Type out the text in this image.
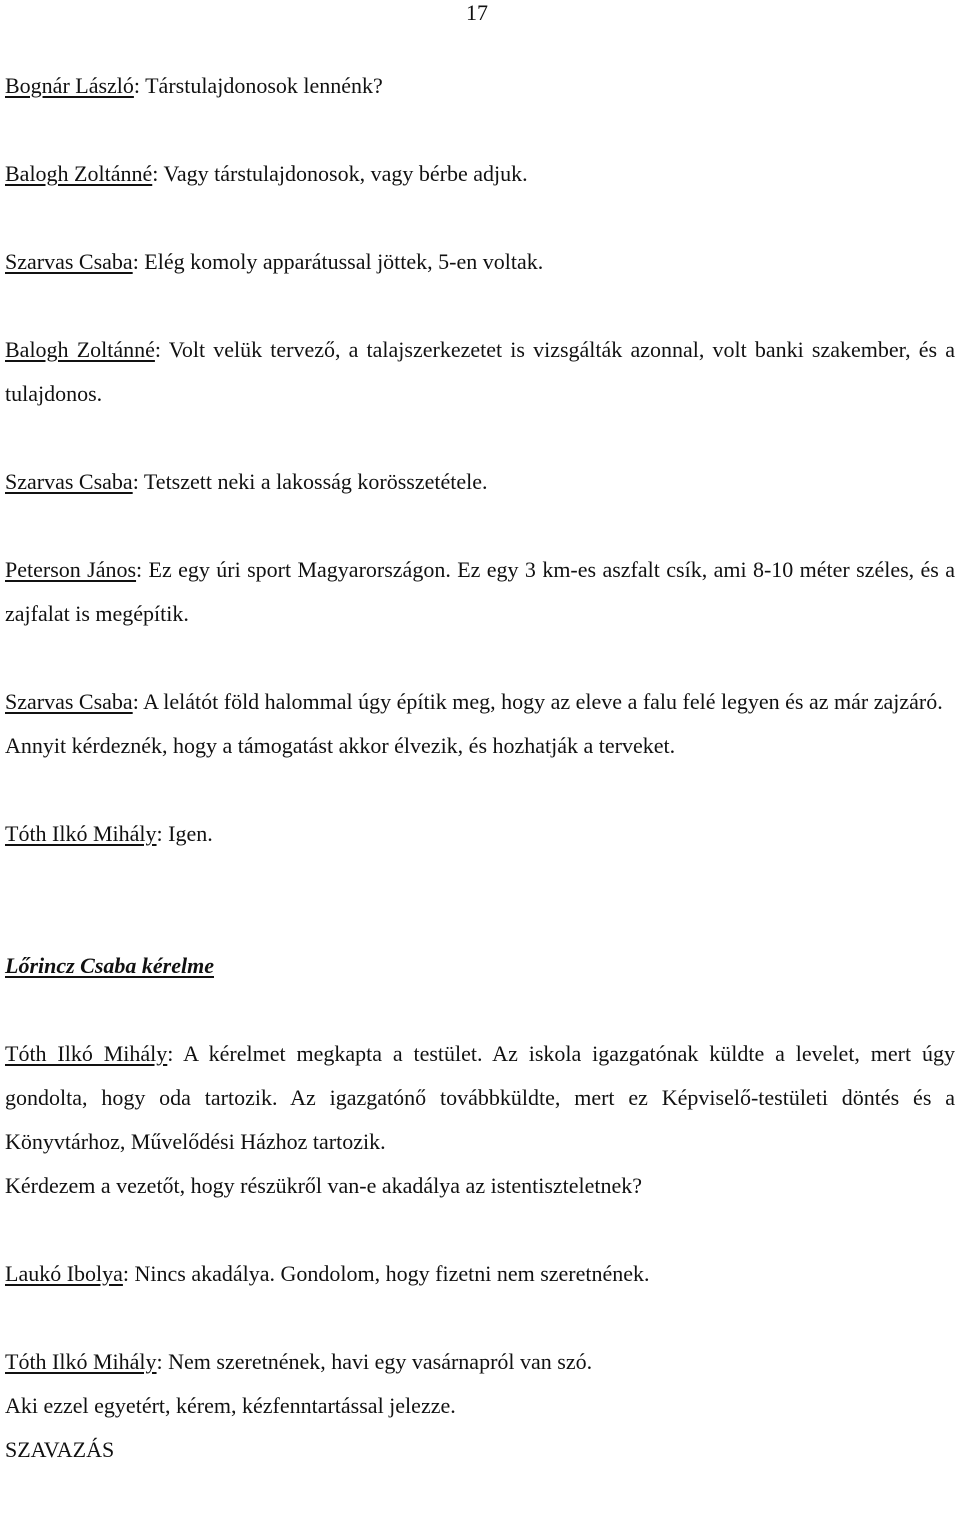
17

Bognár László: Társtulajdonosok lennénk?

Balogh Zoltánné: Vagy társtulajdonosok, vagy bérbe adjuk.

Szarvas Csaba: Elég komoly apparátussal jöttek, 5-en voltak.

Balogh Zoltánné: Volt velük tervező, a talajszerkezetet is vizsgálták azonnal, volt banki szakember, és a tulajdonos.

Szarvas Csaba: Tetszett neki a lakosság korösszetétele.

Peterson János: Ez egy úri sport Magyarországon. Ez egy 3 km-es aszfalt csík, ami 8-10 méter széles, és a zajfalat is megépítik.

Szarvas Csaba: A lelátót föld halommal úgy építik meg, hogy az eleve a falu felé legyen és az már zajzáró.

Annyit kérdeznék, hogy a támogatást akkor élvezik, és hozhatják a terveket.

Tóth Ilkó Mihály: Igen.

Lőrincz Csaba kérelme

Tóth Ilkó Mihály: A kérelmet megkapta a testület. Az iskola igazgatónak küldte a levelet, mert úgy gondolta, hogy oda tartozik. Az igazgatónő továbbküldte, mert ez Képviselő-testületi döntés és a Könyvtárhoz, Művelődési Házhoz tartozik.

Kérdezem a vezetőt, hogy részükről van-e akadálya az istentiszteletnek?

Laukó Ibolya: Nincs akadálya. Gondolom, hogy fizetni nem szeretnének.

Tóth Ilkó Mihály: Nem szeretnének, havi egy vasárnapról van szó.

Aki ezzel egyetért, kérem, kézfenntartással jelezze.

SZAVAZÁS
